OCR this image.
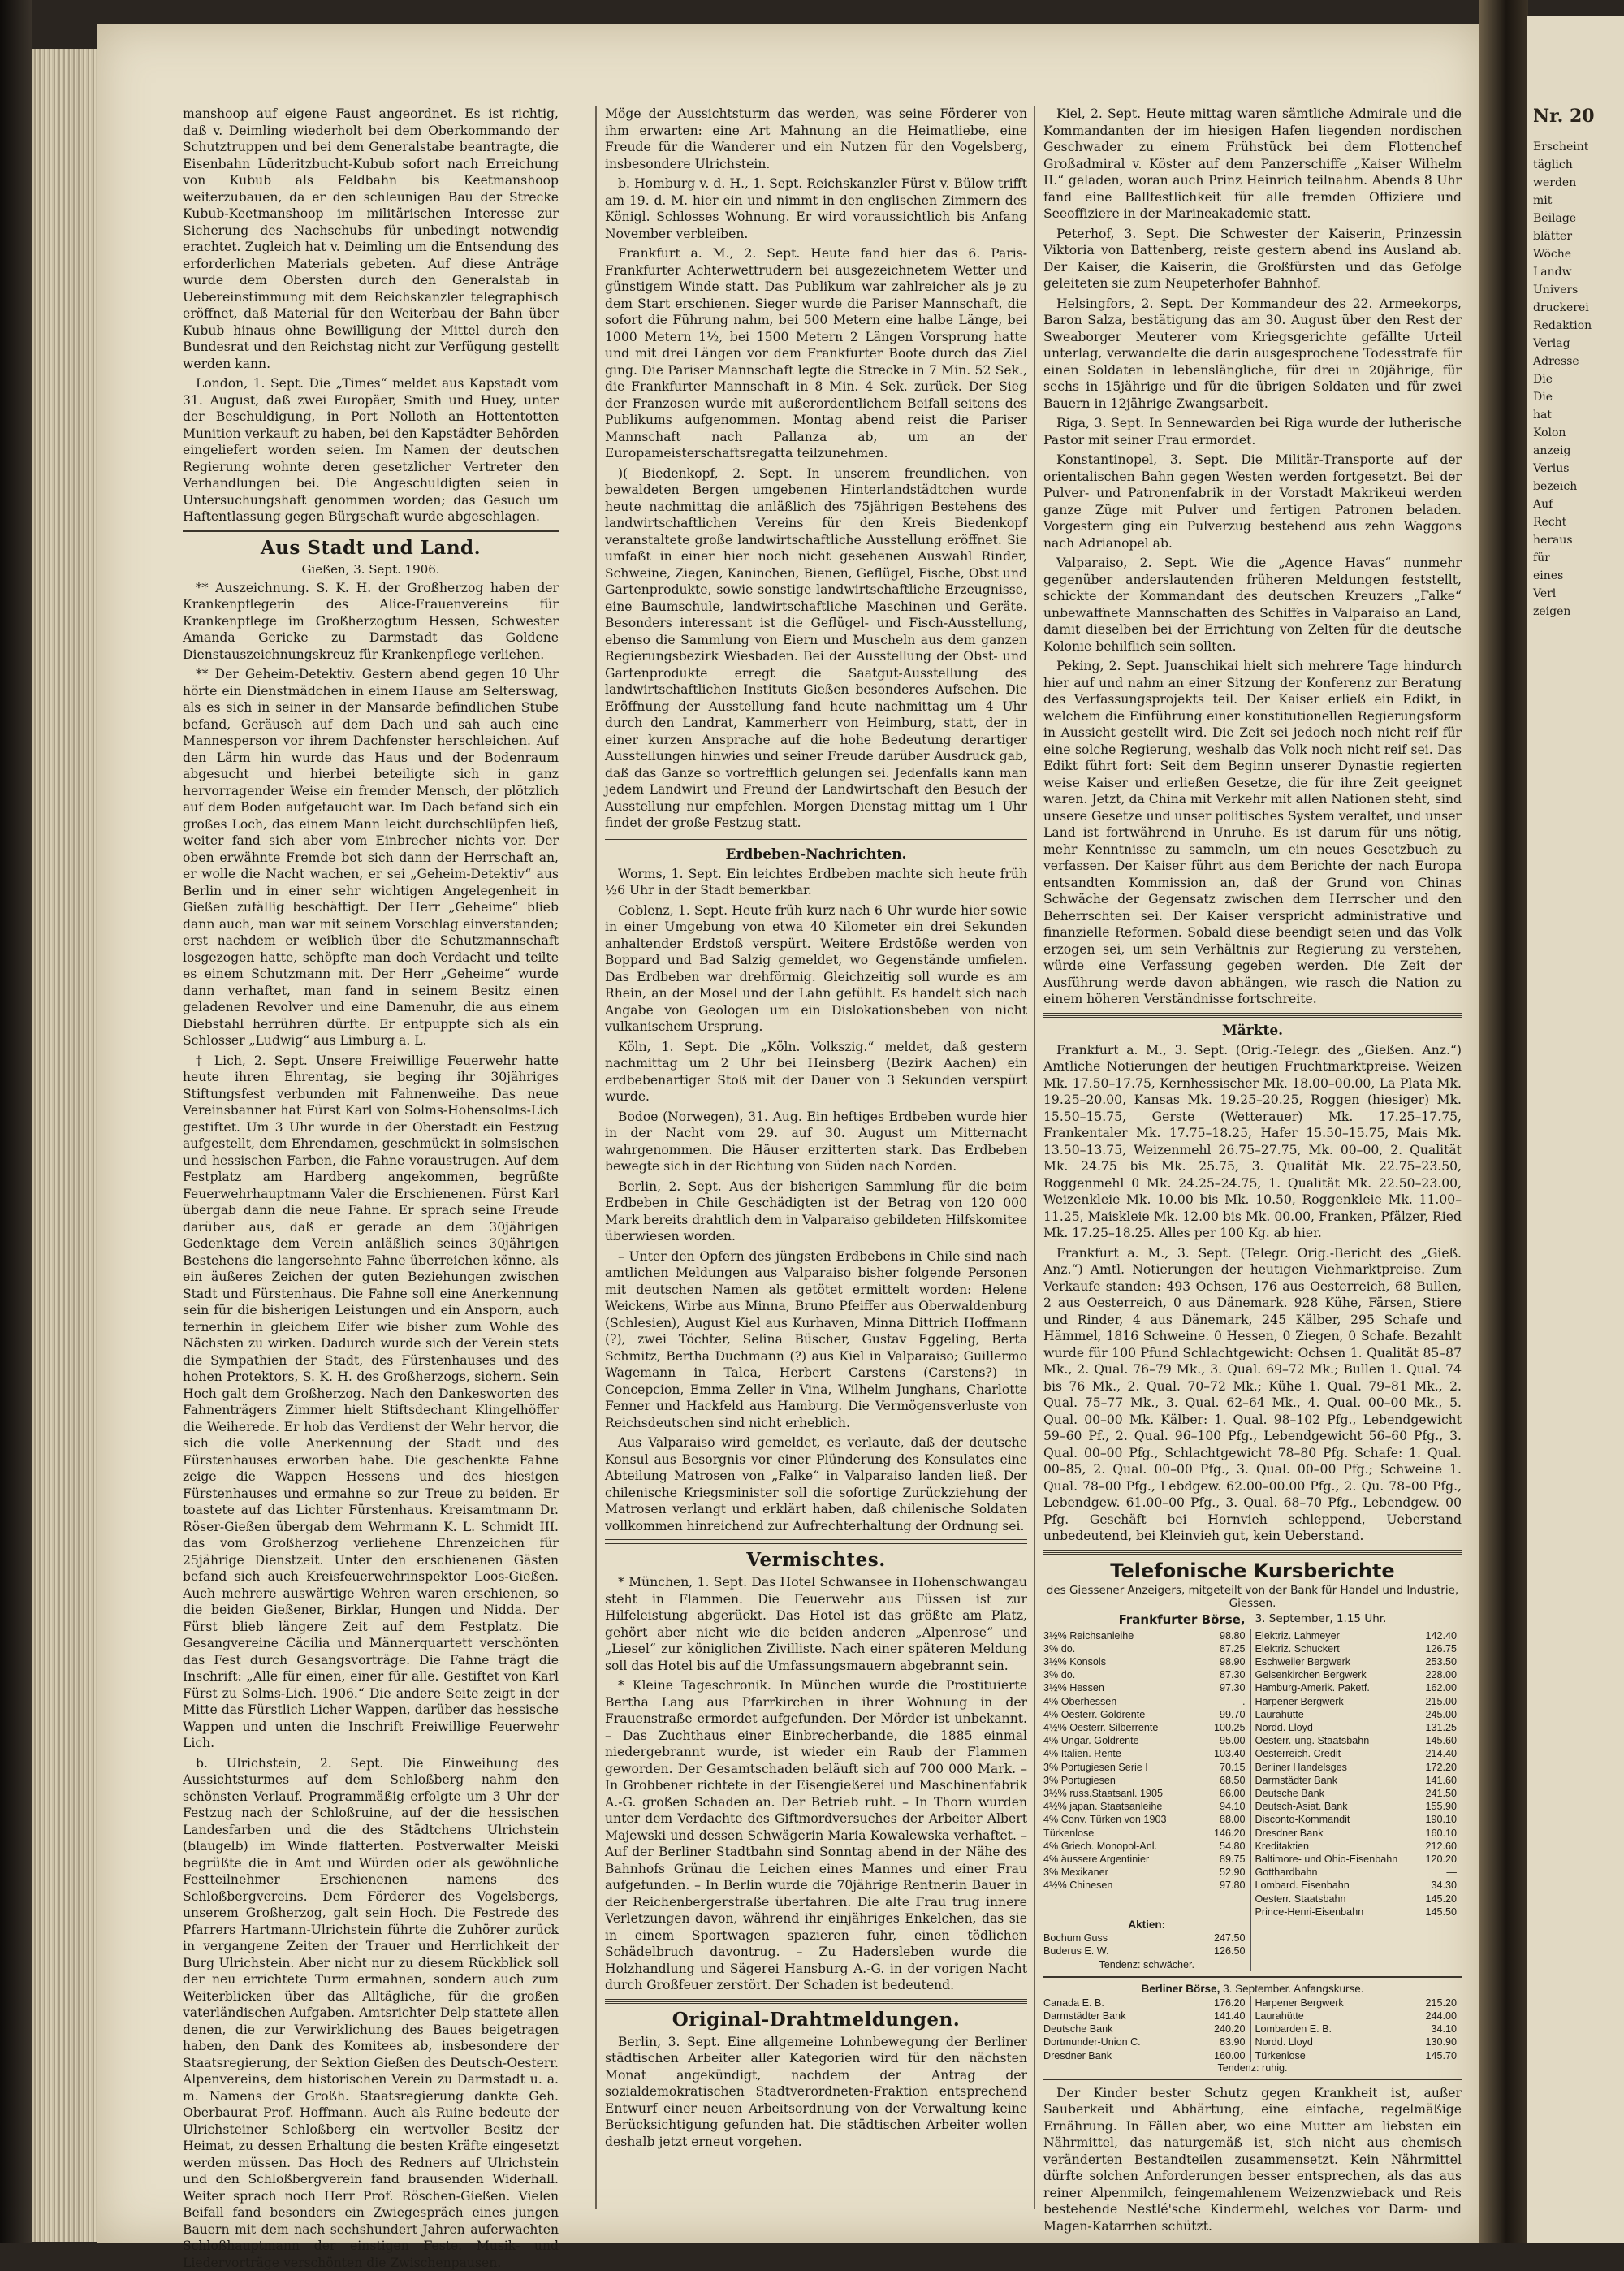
Nr. 20
Erscheint
täglich
werden
mit
Beilage
blätter
Wöche
Landw
Univers
druckerei
Redaktion
Verlag
Adresse
Die
Die
hat
Kolon
anzeig
Verlus
bezeich
Auf
Recht
heraus
für
eines
Verl
zeigen

manshoop auf eigene Faust angeordnet. Es ist richtig, daß v. Deimling wiederholt bei dem Oberkommando der Schutztruppen und bei dem Generalstabe beantragte, die Eisenbahn Lüderitzbucht-Kubub sofort nach Erreichung von Kubub als Feldbahn bis Keetmanshoop weiterzubauen, da er den schleunigen Bau der Strecke Kubub-Keetmanshoop im militärischen Interesse zur Sicherung des Nachschubs für unbedingt notwendig erachtet. Zugleich hat v. Deimling um die Entsendung des erforderlichen Materials gebeten. Auf diese Anträge wurde dem Obersten durch den Generalstab in Uebereinstimmung mit dem Reichskanzler telegraphisch eröffnet, daß Material für den Weiterbau der Bahn über Kubub hinaus ohne Bewilligung der Mittel durch den Bundesrat und den Reichstag nicht zur Verfügung gestellt werden kann.

London, 1. Sept. Die „Times“ meldet aus Kapstadt vom 31. August, daß zwei Europäer, Smith und Huey, unter der Beschuldigung, in Port Nolloth an Hottentotten Munition verkauft zu haben, bei den Kapstädter Behörden eingeliefert worden seien. Im Namen der deutschen Regierung wohnte deren gesetzlicher Vertreter den Verhandlungen bei. Die Angeschuldigten seien in Untersuchungshaft genommen worden; das Gesuch um Haftentlassung gegen Bürgschaft wurde abgeschlagen.

Aus Stadt und Land.
Gießen, 3. Sept. 1906.

** Auszeichnung. S. K. H. der Großherzog haben der Krankenpflegerin des Alice-Frauenvereins für Krankenpflege im Großherzogtum Hessen, Schwester Amanda Gericke zu Darmstadt das Goldene Dienstauszeichnungskreuz für Krankenpflege verliehen.

** Der Geheim-Detektiv. Gestern abend gegen 10 Uhr hörte ein Dienstmädchen in einem Hause am Selterswag, als es sich in seiner in der Mansarde befindlichen Stube befand, Geräusch auf dem Dach und sah auch eine Mannesperson vor ihrem Dachfenster herschleichen. Auf den Lärm hin wurde das Haus und der Bodenraum abgesucht und hierbei beteiligte sich in ganz hervorragender Weise ein fremder Mensch, der plötzlich auf dem Boden aufgetaucht war. Im Dach befand sich ein großes Loch, das einem Mann leicht durchschlüpfen ließ, weiter fand sich aber vom Einbrecher nichts vor. Der oben erwähnte Fremde bot sich dann der Herrschaft an, er wolle die Nacht wachen, er sei „Geheim-Detektiv“ aus Berlin und in einer sehr wichtigen Angelegenheit in Gießen zufällig beschäftigt. Der Herr „Geheime“ blieb dann auch, man war mit seinem Vorschlag einverstanden; erst nachdem er weiblich über die Schutzmannschaft losgezogen hatte, schöpfte man doch Verdacht und teilte es einem Schutzmann mit. Der Herr „Geheime“ wurde dann verhaftet, man fand in seinem Besitz einen geladenen Revolver und eine Damenuhr, die aus einem Diebstahl herrühren dürfte. Er entpuppte sich als ein Schlosser „Ludwig“ aus Limburg a. L.

† Lich, 2. Sept. Unsere Freiwillige Feuerwehr hatte heute ihren Ehrentag, sie beging ihr 30jähriges Stiftungsfest verbunden mit Fahnenweihe. Das neue Vereinsbanner hat Fürst Karl von Solms-Hohensolms-Lich gestiftet. Um 3 Uhr wurde in der Oberstadt ein Festzug aufgestellt, dem Ehrendamen, geschmückt in solmsischen und hessischen Farben, die Fahne voraustrugen. Auf dem Festplatz am Hardberg angekommen, begrüßte Feuerwehrhauptmann Valer die Erschienenen. Fürst Karl übergab dann die neue Fahne. Er sprach seine Freude darüber aus, daß er gerade an dem 30jährigen Gedenktage dem Verein anläßlich seines 30jährigen Bestehens die langersehnte Fahne überreichen könne, als ein äußeres Zeichen der guten Beziehungen zwischen Stadt und Fürstenhaus. Die Fahne soll eine Anerkennung sein für die bisherigen Leistungen und ein Ansporn, auch fernerhin in gleichem Eifer wie bisher zum Wohle des Nächsten zu wirken. Dadurch wurde sich der Verein stets die Sympathien der Stadt, des Fürstenhauses und des hohen Protektors, S. K. H. des Großherzogs, sichern. Sein Hoch galt dem Großherzog. Nach den Dankesworten des Fahnenträgers Zimmer hielt Stiftsdechant Klingelhöffer die Weiherede. Er hob das Verdienst der Wehr hervor, die sich die volle Anerkennung der Stadt und des Fürstenhauses erworben habe. Die geschenkte Fahne zeige die Wappen Hessens und des hiesigen Fürstenhauses und ermahne so zur Treue zu beiden. Er toastete auf das Lichter Fürstenhaus. Kreisamtmann Dr. Röser-Gießen übergab dem Wehrmann K. L. Schmidt III. das vom Großherzog verliehene Ehrenzeichen für 25jährige Dienstzeit. Unter den erschienenen Gästen befand sich auch Kreisfeuerwehrinspektor Loos-Gießen. Auch mehrere auswärtige Wehren waren erschienen, so die beiden Gießener, Birklar, Hungen und Nidda. Der Fürst blieb längere Zeit auf dem Festplatz. Die Gesangvereine Cäcilia und Männerquartett verschönten das Fest durch Gesangsvorträge. Die Fahne trägt die Inschrift: „Alle für einen, einer für alle. Gestiftet von Karl Fürst zu Solms-Lich. 1906.“ Die andere Seite zeigt in der Mitte das Fürstlich Licher Wappen, darüber das hessische Wappen und unten die Inschrift Freiwillige Feuerwehr Lich.

b. Ulrichstein, 2. Sept. Die Einweihung des Aussichtsturmes auf dem Schloßberg nahm den schönsten Verlauf. Programmäßig erfolgte um 3 Uhr der Festzug nach der Schloßruine, auf der die hessischen Landesfarben und die des Städtchens Ulrichstein (blaugelb) im Winde flatterten. Postverwalter Meiski begrüßte die in Amt und Würden oder als gewöhnliche Festteilnehmer Erschienenen namens des Schloßbergvereins. Dem Förderer des Vogelsbergs, unserem Großherzog, galt sein Hoch. Die Festrede des Pfarrers Hartmann-Ulrichstein führte die Zuhörer zurück in vergangene Zeiten der Trauer und Herrlichkeit der Burg Ulrichstein. Aber nicht nur zu diesem Rückblick soll der neu errichtete Turm ermahnen, sondern auch zum Weiterblicken über das Alltägliche, für die großen vaterländischen Aufgaben. Amtsrichter Delp stattete allen denen, die zur Verwirklichung des Baues beigetragen haben, den Dank des Komitees ab, insbesondere der Staatsregierung, der Sektion Gießen des Deutsch-Oesterr. Alpenvereins, dem historischen Verein zu Darmstadt u. a. m. Namens der Großh. Staatsregierung dankte Geh. Oberbaurat Prof. Hoffmann. Auch als Ruine bedeute der Ulrichsteiner Schloßberg ein wertvoller Besitz der Heimat, zu dessen Erhaltung die besten Kräfte eingesetzt werden müssen. Das Hoch des Redners auf Ulrichstein und den Schloßbergverein fand brausenden Widerhall. Weiter sprach noch Herr Prof. Röschen-Gießen. Vielen Beifall fand besonders ein Zwiegespräch eines jungen Bauern mit dem nach sechshundert Jahren auferwachten Schloßhauptmann der einstigen Feste. Musik- und Liedervorträge verschönten die Zwischenpausen.

Möge der Aussichtsturm das werden, was seine Förderer von ihm erwarten: eine Art Mahnung an die Heimatliebe, eine Freude für die Wanderer und ein Nutzen für den Vogelsberg, insbesondere Ulrichstein.

b. Homburg v. d. H., 1. Sept. Reichskanzler Fürst v. Bülow trifft am 19. d. M. hier ein und nimmt in den englischen Zimmern des Königl. Schlosses Wohnung. Er wird voraussichtlich bis Anfang November verbleiben.

Frankfurt a. M., 2. Sept. Heute fand hier das 6. Paris-Frankfurter Achterwettrudern bei ausgezeichnetem Wetter und günstigem Winde statt. Das Publikum war zahlreicher als je zu dem Start erschienen. Sieger wurde die Pariser Mannschaft, die sofort die Führung nahm, bei 500 Metern eine halbe Länge, bei 1000 Metern 1½, bei 1500 Metern 2 Längen Vorsprung hatte und mit drei Längen vor dem Frankfurter Boote durch das Ziel ging. Die Pariser Mannschaft legte die Strecke in 7 Min. 52 Sek., die Frankfurter Mannschaft in 8 Min. 4 Sek. zurück. Der Sieg der Franzosen wurde mit außerordentlichem Beifall seitens des Publikums aufgenommen. Montag abend reist die Pariser Mannschaft nach Pallanza ab, um an der Europameisterschaftsregatta teilzunehmen.

)( Biedenkopf, 2. Sept. In unserem freundlichen, von bewaldeten Bergen umgebenen Hinterlandstädtchen wurde heute nachmittag die anläßlich des 75jährigen Bestehens des landwirtschaftlichen Vereins für den Kreis Biedenkopf veranstaltete große landwirtschaftliche Ausstellung eröffnet. Sie umfaßt in einer hier noch nicht gesehenen Auswahl Rinder, Schweine, Ziegen, Kaninchen, Bienen, Geflügel, Fische, Obst und Gartenprodukte, sowie sonstige landwirtschaftliche Erzeugnisse, eine Baumschule, landwirtschaftliche Maschinen und Geräte. Besonders interessant ist die Geflügel- und Fisch-Ausstellung, ebenso die Sammlung von Eiern und Muscheln aus dem ganzen Regierungsbezirk Wiesbaden. Bei der Ausstellung der Obst- und Gartenprodukte erregt die Saatgut-Ausstellung des landwirtschaftlichen Instituts Gießen besonderes Aufsehen. Die Eröffnung der Ausstellung fand heute nachmittag um 4 Uhr durch den Landrat, Kammerherr von Heimburg, statt, der in einer kurzen Ansprache auf die hohe Bedeutung derartiger Ausstellungen hinwies und seiner Freude darüber Ausdruck gab, daß das Ganze so vortrefflich gelungen sei. Jedenfalls kann man jedem Landwirt und Freund der Landwirtschaft den Besuch der Ausstellung nur empfehlen. Morgen Dienstag mittag um 1 Uhr findet der große Festzug statt.

Erdbeben-Nachrichten.

Worms, 1. Sept. Ein leichtes Erdbeben machte sich heute früh ½6 Uhr in der Stadt bemerkbar.

Coblenz, 1. Sept. Heute früh kurz nach 6 Uhr wurde hier sowie in einer Umgebung von etwa 40 Kilometer ein drei Sekunden anhaltender Erdstoß verspürt. Weitere Erdstöße werden von Boppard und Bad Salzig gemeldet, wo Gegenstände umfielen. Das Erdbeben war drehförmig. Gleichzeitig soll wurde es am Rhein, an der Mosel und der Lahn gefühlt. Es handelt sich nach Angabe von Geologen um ein Dislokationsbeben von nicht vulkanischem Ursprung.

Köln, 1. Sept. Die „Köln. Volkszig.“ meldet, daß gestern nachmittag um 2 Uhr bei Heinsberg (Bezirk Aachen) ein erdbebenartiger Stoß mit der Dauer von 3 Sekunden verspürt wurde.

Bodoe (Norwegen), 31. Aug. Ein heftiges Erdbeben wurde hier in der Nacht vom 29. auf 30. August um Mitternacht wahrgenommen. Die Häuser erzitterten stark. Das Erdbeben bewegte sich in der Richtung von Süden nach Norden.

Berlin, 2. Sept. Aus der bisherigen Sammlung für die beim Erdbeben in Chile Geschädigten ist der Betrag von 120 000 Mark bereits drahtlich dem in Valparaiso gebildeten Hilfskomitee überwiesen worden.

– Unter den Opfern des jüngsten Erdbebens in Chile sind nach amtlichen Meldungen aus Valparaiso bisher folgende Personen mit deutschen Namen als getötet ermittelt worden: Helene Weickens, Wirbe aus Minna, Bruno Pfeiffer aus Oberwaldenburg (Schlesien), August Kiel aus Kurhaven, Minna Dittrich Hoffmann (?), zwei Töchter, Selina Büscher, Gustav Eggeling, Berta Schmitz, Bertha Duchmann (?) aus Kiel in Valparaiso; Guillermo Wagemann in Talca, Herbert Carstens (Carstens?) in Concepcion, Emma Zeller in Vina, Wilhelm Junghans, Charlotte Fenner und Hackfeld aus Hamburg. Die Vermögensverluste von Reichsdeutschen sind nicht erheblich.

Aus Valparaiso wird gemeldet, es verlaute, daß der deutsche Konsul aus Besorgnis vor einer Plünderung des Konsulates eine Abteilung Matrosen von „Falke“ in Valparaiso landen ließ. Der chilenische Kriegsminister soll die sofortige Zurückziehung der Matrosen verlangt und erklärt haben, daß chilenische Soldaten vollkommen hinreichend zur Aufrechterhaltung der Ordnung sei.

Vermischtes.

* München, 1. Sept. Das Hotel Schwansee in Hohenschwangau steht in Flammen. Die Feuerwehr aus Füssen ist zur Hilfeleistung abgerückt. Das Hotel ist das größte am Platz, gehört aber nicht wie die beiden anderen „Alpenrose“ und „Liesel“ zur königlichen Zivilliste. Nach einer späteren Meldung soll das Hotel bis auf die Umfassungsmauern abgebrannt sein.

* Kleine Tageschronik. In München wurde die Prostituierte Bertha Lang aus Pfarrkirchen in ihrer Wohnung in der Frauenstraße ermordet aufgefunden. Der Mörder ist unbekannt. – Das Zuchthaus einer Einbrecherbande, die 1885 einmal niedergebrannt wurde, ist wieder ein Raub der Flammen geworden. Der Gesamtschaden beläuft sich auf 700 000 Mark. – In Grobbener richtete in der Eisengießerei und Maschinenfabrik A.-G. großen Schaden an. Der Betrieb ruht. – In Thorn wurden unter dem Verdachte des Giftmordversuches der Arbeiter Albert Majewski und dessen Schwägerin Maria Kowalewska verhaftet. – Auf der Berliner Stadtbahn sind Sonntag abend in der Nähe des Bahnhofs Grünau die Leichen eines Mannes und einer Frau aufgefunden. – In Berlin wurde die 70jährige Rentnerin Bauer in der Reichenbergerstraße überfahren. Die alte Frau trug innere Verletzungen davon, während ihr einjähriges Enkelchen, das sie in einem Sportwagen spazieren fuhr, einen tödlichen Schädelbruch davontrug. – Zu Hadersleben wurde die Holzhandlung und Sägerei Hansburg A.-G. in der vorigen Nacht durch Großfeuer zerstört. Der Schaden ist bedeutend.

Original-Drahtmeldungen.

Berlin, 3. Sept. Eine allgemeine Lohnbewegung der Berliner städtischen Arbeiter aller Kategorien wird für den nächsten Monat angekündigt, nachdem der Antrag der sozialdemokratischen Stadtverordneten-Fraktion entsprechend Entwurf einer neuen Arbeitsordnung von der Verwaltung keine Berücksichtigung gefunden hat. Die städtischen Arbeiter wollen deshalb jetzt erneut vorgehen.

Kiel, 2. Sept. Heute mittag waren sämtliche Admirale und die Kommandanten der im hiesigen Hafen liegenden nordischen Geschwader zu einem Frühstück bei dem Flottenchef Großadmiral v. Köster auf dem Panzerschiffe „Kaiser Wilhelm II.“ geladen, woran auch Prinz Heinrich teilnahm. Abends 8 Uhr fand eine Ballfestlichkeit für alle fremden Offiziere und Seeoffiziere in der Marineakademie statt.

Peterhof, 3. Sept. Die Schwester der Kaiserin, Prinzessin Viktoria von Battenberg, reiste gestern abend ins Ausland ab. Der Kaiser, die Kaiserin, die Großfürsten und das Gefolge geleiteten sie zum Neupeterhofer Bahnhof.

Helsingfors, 2. Sept. Der Kommandeur des 22. Armeekorps, Baron Salza, bestätigung das am 30. August über den Rest der Sweaborger Meuterer vom Kriegsgerichte gefällte Urteil unterlag, verwandelte die darin ausgesprochene Todesstrafe für einen Soldaten in lebenslängliche, für drei in 20jährige, für sechs in 15jährige und für die übrigen Soldaten und für zwei Bauern in 12jährige Zwangsarbeit.

Riga, 3. Sept. In Sennewarden bei Riga wurde der lutherische Pastor mit seiner Frau ermordet.

Konstantinopel, 3. Sept. Die Militär-Transporte auf der orientalischen Bahn gegen Westen werden fortgesetzt. Bei der Pulver- und Patronenfabrik in der Vorstadt Makrikeui werden ganze Züge mit Pulver und fertigen Patronen beladen. Vorgestern ging ein Pulverzug bestehend aus zehn Waggons nach Adrianopel ab.

Valparaiso, 2. Sept. Wie die „Agence Havas“ nunmehr gegenüber anderslautenden früheren Meldungen feststellt, schickte der Kommandant des deutschen Kreuzers „Falke“ unbewaffnete Mannschaften des Schiffes in Valparaiso an Land, damit dieselben bei der Errichtung von Zelten für die deutsche Kolonie behilflich sein sollten.

Peking, 2. Sept. Juanschikai hielt sich mehrere Tage hindurch hier auf und nahm an einer Sitzung der Konferenz zur Beratung des Verfassungsprojekts teil. Der Kaiser erließ ein Edikt, in welchem die Einführung einer konstitutionellen Regierungsform in Aussicht gestellt wird. Die Zeit sei jedoch noch nicht reif für eine solche Regierung, weshalb das Volk noch nicht reif sei. Das Edikt führt fort: Seit dem Beginn unserer Dynastie regierten weise Kaiser und erließen Gesetze, die für ihre Zeit geeignet waren. Jetzt, da China mit Verkehr mit allen Nationen steht, sind unsere Gesetze und unser politisches System veraltet, und unser Land ist fortwährend in Unruhe. Es ist darum für uns nötig, mehr Kenntnisse zu sammeln, um ein neues Gesetzbuch zu verfassen. Der Kaiser führt aus dem Berichte der nach Europa entsandten Kommission an, daß der Grund von Chinas Schwäche der Gegensatz zwischen dem Herrscher und den Beherrschten sei. Der Kaiser verspricht administrative und finanzielle Reformen. Sobald diese beendigt seien und das Volk erzogen sei, um sein Verhältnis zur Regierung zu verstehen, würde eine Verfassung gegeben werden. Die Zeit der Ausführung werde davon abhängen, wie rasch die Nation zu einem höheren Verständnisse fortschreite.

Märkte.

Frankfurt a. M., 3. Sept. (Orig.-Telegr. des „Gießen. Anz.“) Amtliche Notierungen der heutigen Fruchtmarktpreise. Weizen Mk. 17.50–17.75, Kernhessischer Mk. 18.00–00.00, La Plata Mk. 19.25–20.00, Kansas Mk. 19.25–20.25, Roggen (hiesiger) Mk. 15.50–15.75, Gerste (Wetterauer) Mk. 17.25–17.75, Frankentaler Mk. 17.75–18.25, Hafer 15.50–15.75, Mais Mk. 13.50–13.75, Weizenmehl 26.75–27.75, Mk. 00–00, 2. Qualität Mk. 24.75 bis Mk. 25.75, 3. Qualität Mk. 22.75–23.50, Roggenmehl 0 Mk. 24.25–24.75, 1. Qualität Mk. 22.50–23.00, Weizenkleie Mk. 10.00 bis Mk. 10.50, Roggenkleie Mk. 11.00–11.25, Maiskleie Mk. 12.00 bis Mk. 00.00, Franken, Pfälzer, Ried Mk. 17.25–18.25. Alles per 100 Kg. ab hier.

Frankfurt a. M., 3. Sept. (Telegr. Orig.-Bericht des „Gieß. Anz.“) Amtl. Notierungen der heutigen Viehmarktpreise. Zum Verkaufe standen: 493 Ochsen, 176 aus Oesterreich, 68 Bullen, 2 aus Oesterreich, 0 aus Dänemark. 928 Kühe, Färsen, Stiere und Rinder, 4 aus Dänemark, 245 Kälber, 295 Schafe und Hämmel, 1816 Schweine. 0 Hessen, 0 Ziegen, 0 Schafe. Bezahlt wurde für 100 Pfund Schlachtgewicht: Ochsen 1. Qualität 85–87 Mk., 2. Qual. 76–79 Mk., 3. Qual. 69–72 Mk.; Bullen 1. Qual. 74 bis 76 Mk., 2. Qual. 70–72 Mk.; Kühe 1. Qual. 79–81 Mk., 2. Qual. 75–77 Mk., 3. Qual. 62–64 Mk., 4. Qual. 00–00 Mk., 5. Qual. 00–00 Mk. Kälber: 1. Qual. 98–102 Pfg., Lebendgewicht 59–60 Pf., 2. Qual. 96–100 Pfg., Lebendgewicht 56–60 Pfg., 3. Qual. 00–00 Pfg., Schlachtgewicht 78–80 Pfg. Schafe: 1. Qual. 00–85, 2. Qual. 00–00 Pfg., 3. Qual. 00–00 Pfg.; Schweine 1. Qual. 78–00 Pfg., Lebdgew. 62.00–00.00 Pfg., 2. Qu. 78–00 Pfg., Lebendgew. 61.00–00 Pfg., 3. Qual. 68–70 Pfg., Lebendgew. 00 Pfg. Geschäft bei Hornvieh schleppend, Ueberstand unbedeutend, bei Kleinvieh gut, kein Ueberstand.

Telefonische Kursberichte
des Giessener Anzeigers, mitgeteilt von der Bank für Handel und Industrie, Giessen.
Frankfurter Börse, 3. September, 1.15 Uhr.
3½% Reichsanleihe	98.80
3% do.	87.25
3½% Konsols	98.90
3% do.	87.30
3½% Hessen	97.30
4% Oberhessen	.
4% Oesterr. Goldrente	99.70
4½% Oesterr. Silberrente	100.25
4% Ungar. Goldrente	95.00
4% Italien. Rente	103.40
3% Portugiesen Serie I	70.15
3% Portugiesen	68.50
3½% russ.Staatsanl. 1905	86.00
4½% japan. Staatsanleihe	94.10
4% Conv. Türken von 1903	88.00
Türkenlose	146.20
4% Griech. Monopol-Anl.	54.80
4% äussere Argentinier	89.75
3% Mexikaner	52.90
4½% Chinesen	97.80
Elektriz. Lahmeyer	142.40
Elektriz. Schuckert	126.75
Eschweiler Bergwerk	253.50
Gelsenkirchen Bergwerk	228.00
Hamburg-Amerik. Paketf.	162.00
Harpener Bergwerk	215.00
Laurahütte	245.00
Nordd. Lloyd	131.25
Oesterr.-ung. Staatsbahn	145.60
Oesterreich. Credit	214.40
Berliner Handelsges	172.20
Darmstädter Bank	141.60
Deutsche Bank	241.50
Deutsch-Asiat. Bank	155.90
Disconto-Kommandit	190.10
Dresdner Bank	160.10
Kreditaktien	212.60
Baltimore- und Ohio-Eisenbahn	120.20
Gotthardbahn	—
Lombard. Eisenbahn	34.30
Oesterr. Staatsbahn	145.20
Prince-Henri-Eisenbahn	145.50
Aktien:
Bochum Guss	247.50
Buderus E. W.	126.50
Tendenz: schwächer.
Berliner Börse, 3. September. Anfangskurse.
Canada E. B.	176.20
Darmstädter Bank	141.40
Deutsche Bank	240.20
Dortmunder-Union C.	83.90
Dresdner Bank	160.00
Harpener Bergwerk	215.20
Laurahütte	244.00
Lombarden E. B.	34.10
Nordd. Lloyd	130.90
Türkenlose	145.70
Tendenz: ruhig.

Der Kinder bester Schutz gegen Krankheit ist, außer Sauberkeit und Abhärtung, eine einfache, regelmäßige Ernährung. In Fällen aber, wo eine Mutter am liebsten ein Nährmittel, das naturgemäß ist, sich nicht aus chemisch veränderten Bestandteilen zusammensetzt. Kein Nährmittel dürfte solchen Anforderungen besser entsprechen, als das aus reiner Alpenmilch, feingemahlenem Weizenzwieback und Reis bestehende Nestlé'sche Kindermehl, welches vor Darm- und Magen-Katarrhen schützt.
